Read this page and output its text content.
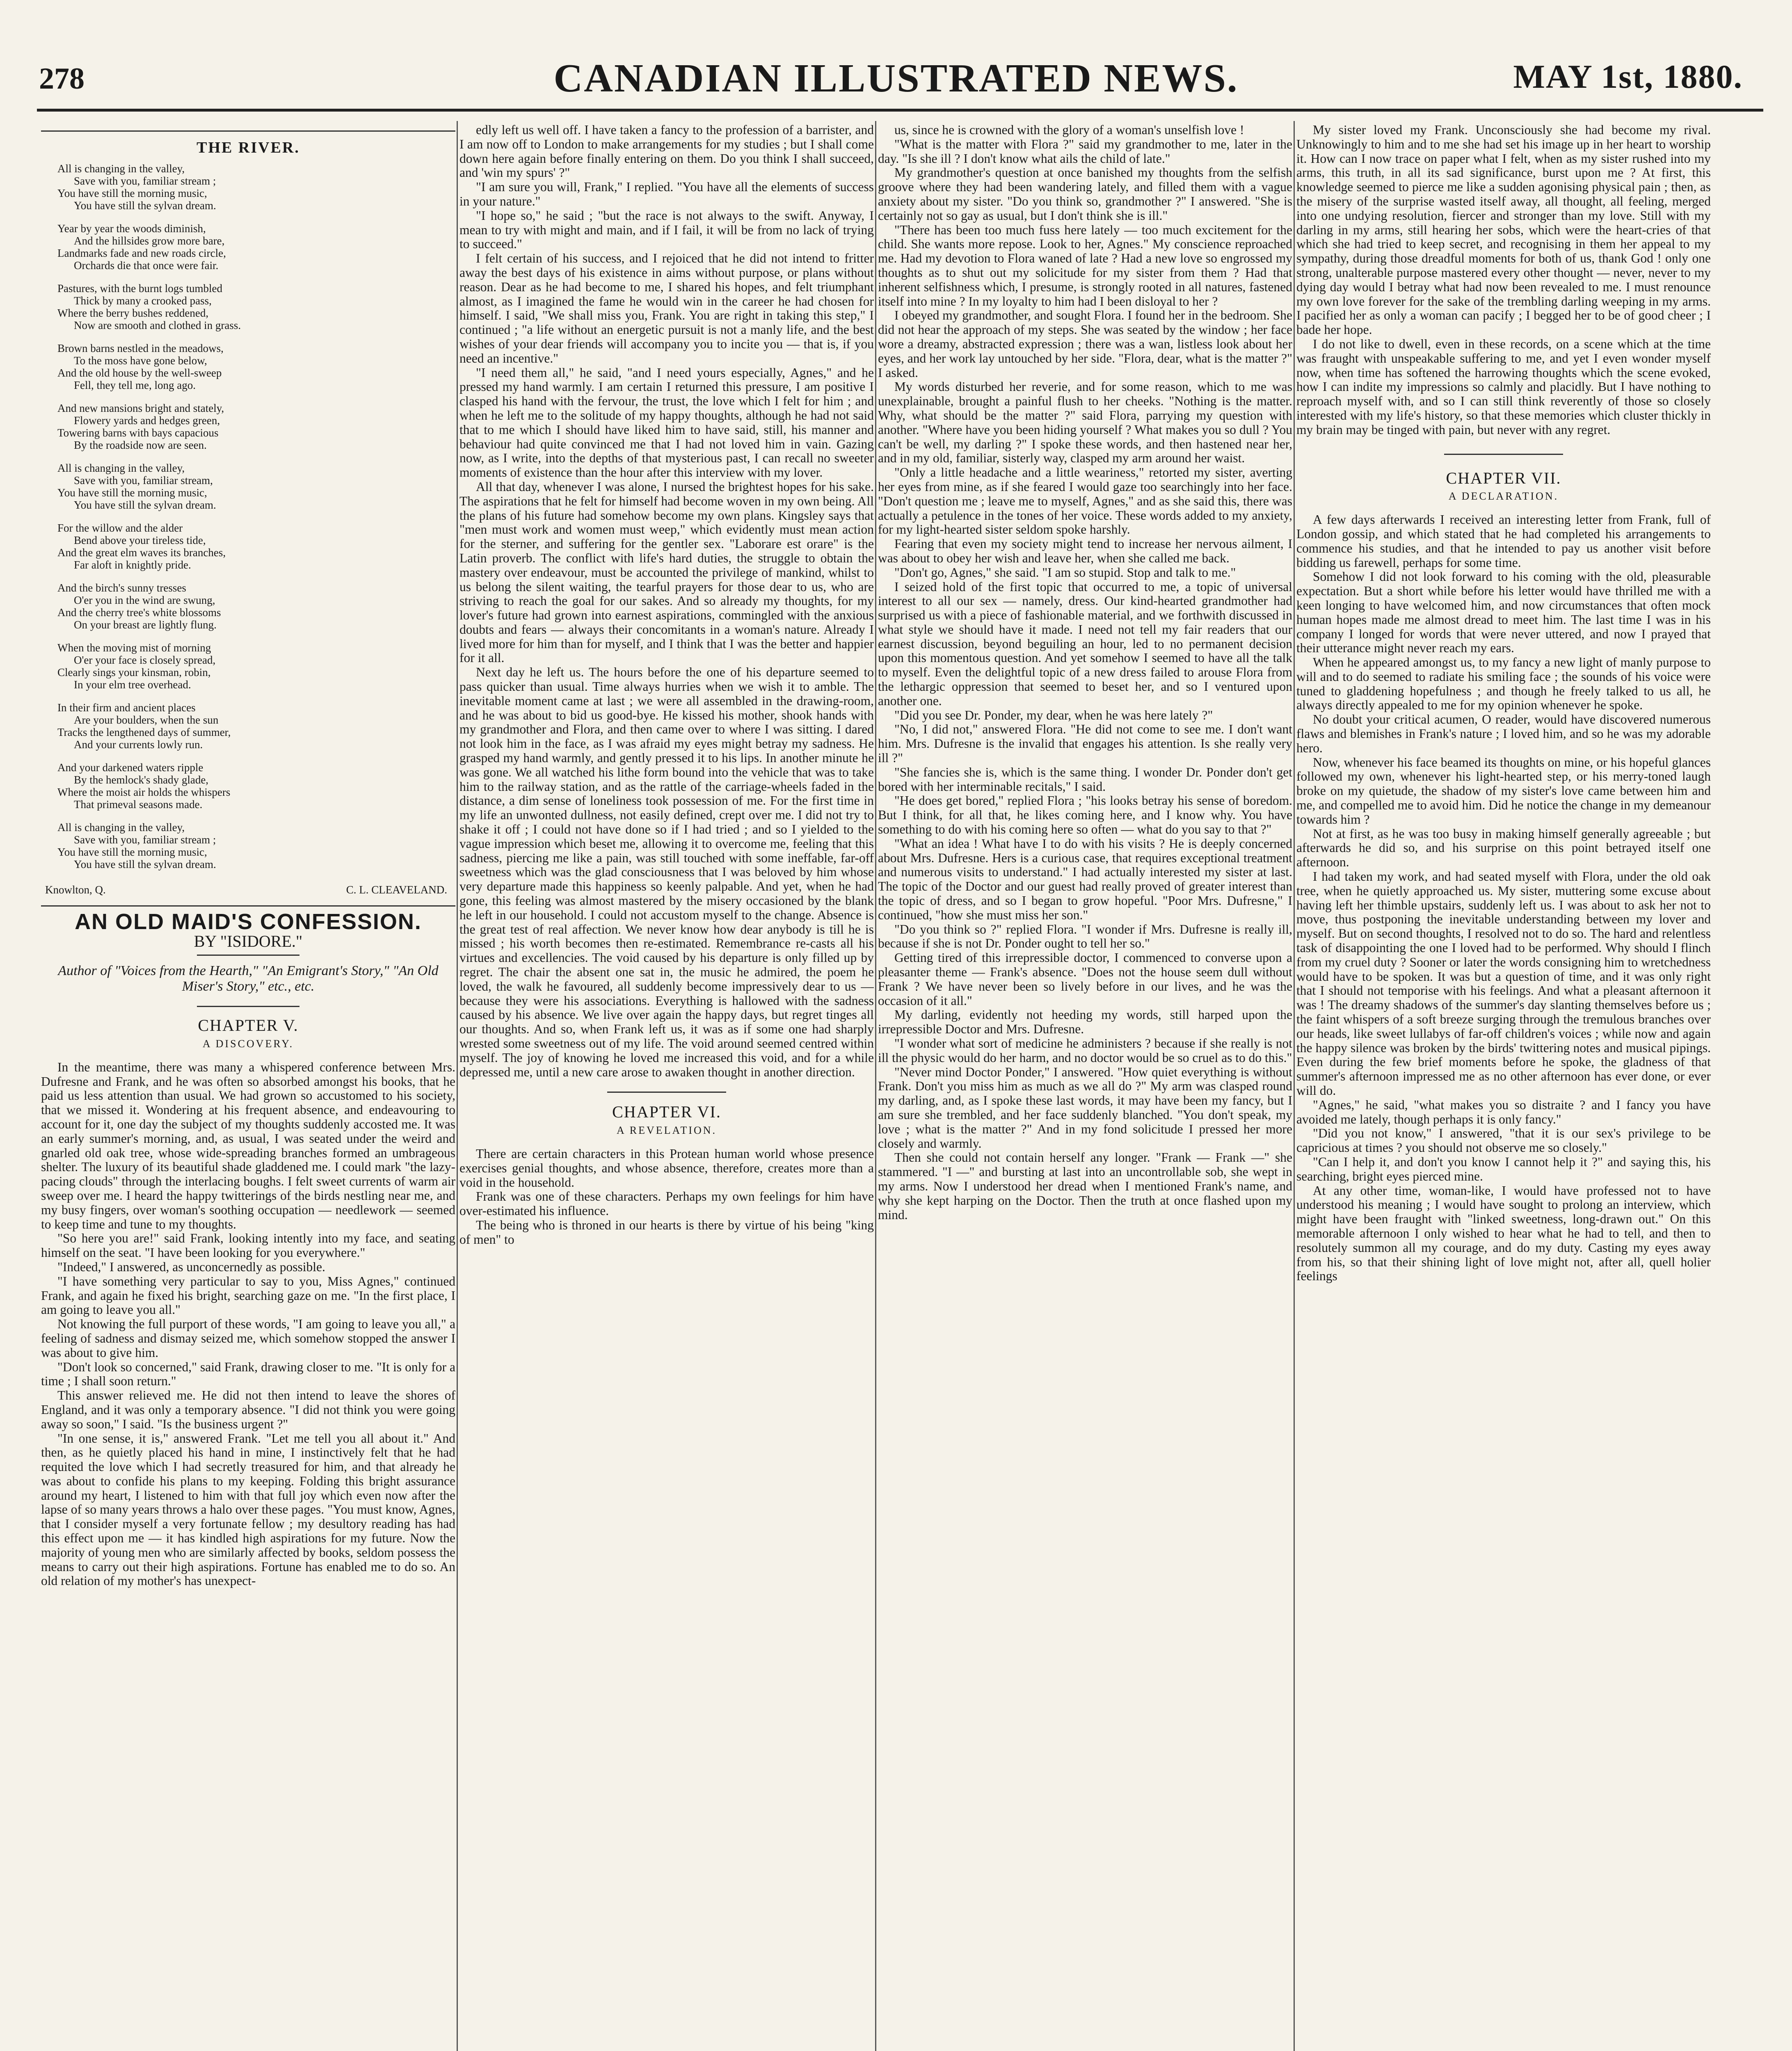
278	CANADIAN ILLUSTRATED NEWS.	MAY 1st, 1880.
THE RIVER.
All is changing in the valley,
Save with you, familiar stream ;
You have still the morning music,
You have still the sylvan dream.
Year by year the woods diminish,
And the hillsides grow more bare,
Landmarks fade and new roads circle,
Orchards die that once were fair.
Pastures, with the burnt logs tumbled
Thick by many a crooked pass,
Where the berry bushes reddened,
Now are smooth and clothed in grass.
Brown barns nestled in the meadows,
To the moss have gone below,
And the old house by the well-sweep
Fell, they tell me, long ago.
And new mansions bright and stately,
Flowery yards and hedges green,
Towering barns with bays capacious
By the roadside now are seen.
All is changing in the valley,
Save with you, familiar stream,
You have still the morning music,
You have still the sylvan dream.
For the willow and the alder
Bend above your tireless tide,
And the great elm waves its branches,
Far aloft in knightly pride.
And the birch's sunny tresses
O'er you in the wind are swung,
And the cherry tree's white blossoms
On your breast are lightly flung.
When the moving mist of morning
O'er your face is closely spread,
Clearly sings your kinsman, robin,
In your elm tree overhead.
In their firm and ancient places
Are your boulders, when the sun
Tracks the lengthened days of summer,
And your currents lowly run.
And your darkened waters ripple
By the hemlock's shady glade,
Where the moist air holds the whispers
That primeval seasons made.
All is changing in the valley,
Save with you, familiar stream ;
You have still the morning music,
You have still the sylvan dream.
Knowlton, Q.	C. L. CLEAVELAND.
AN OLD MAID'S CONFESSION.
BY "ISIDORE."
Author of "Voices from the Hearth," "An Emigrant's Story," "An Old Miser's Story," etc., etc.
CHAPTER V.
A DISCOVERY.

In the meantime, there was many a whispered conference between Mrs. Dufresne and Frank, and he was often so absorbed amongst his books, that he paid us less attention than usual. We had grown so accustomed to his society, that we missed it. Wondering at his frequent absence, and endeavouring to account for it, one day the subject of my thoughts suddenly accosted me. It was an early summer's morning, and, as usual, I was seated under the weird and gnarled old oak tree, whose wide-spreading branches formed an umbrageous shelter. The luxury of its beautiful shade gladdened me. I could mark "the lazy-pacing clouds" through the interlacing boughs. I felt sweet currents of warm air sweep over me. I heard the happy twitterings of the birds nestling near me, and my busy fingers, over woman's soothing occupation — needlework — seemed to keep time and tune to my thoughts.

"So here you are!" said Frank, looking intently into my face, and seating himself on the seat. "I have been looking for you everywhere."

"Indeed," I answered, as unconcernedly as possible.

"I have something very particular to say to you, Miss Agnes," continued Frank, and again he fixed his bright, searching gaze on me. "In the first place, I am going to leave you all."

Not knowing the full purport of these words, "I am going to leave you all," a feeling of sadness and dismay seized me, which somehow stopped the answer I was about to give him.

"Don't look so concerned," said Frank, drawing closer to me. "It is only for a time ; I shall soon return."

This answer relieved me. He did not then intend to leave the shores of England, and it was only a temporary absence. "I did not think you were going away so soon," I said. "Is the business urgent ?"

"In one sense, it is," answered Frank. "Let me tell you all about it." And then, as he quietly placed his hand in mine, I instinctively felt that he had requited the love which I had secretly treasured for him, and that already he was about to confide his plans to my keeping. Folding this bright assurance around my heart, I listened to him with that full joy which even now after the lapse of so many years throws a halo over these pages. "You must know, Agnes, that I consider myself a very fortunate fellow ; my desultory reading has had this effect upon me — it has kindled high aspirations for my future. Now the majority of young men who are similarly affected by books, seldom possess the means to carry out their high aspirations. Fortune has enabled me to do so. An old relation of my mother's has unexpect-

edly left us well off. I have taken a fancy to the profession of a barrister, and I am now off to London to make arrangements for my studies ; but I shall come down here again before finally entering on them. Do you think I shall succeed, and 'win my spurs' ?"

"I am sure you will, Frank," I replied. "You have all the elements of success in your nature."

"I hope so," he said ; "but the race is not always to the swift. Anyway, I mean to try with might and main, and if I fail, it will be from no lack of trying to succeed."

I felt certain of his success, and I rejoiced that he did not intend to fritter away the best days of his existence in aims without purpose, or plans without reason. Dear as he had become to me, I shared his hopes, and felt triumphant almost, as I imagined the fame he would win in the career he had chosen for himself. I said, "We shall miss you, Frank. You are right in taking this step," I continued ; "a life without an energetic pursuit is not a manly life, and the best wishes of your dear friends will accompany you to incite you — that is, if you need an incentive."

"I need them all," he said, "and I need yours especially, Agnes," and he pressed my hand warmly. I am certain I returned this pressure, I am positive I clasped his hand with the fervour, the trust, the love which I felt for him ; and when he left me to the solitude of my happy thoughts, although he had not said that to me which I should have liked him to have said, still, his manner and behaviour had quite convinced me that I had not loved him in vain. Gazing now, as I write, into the depths of that mysterious past, I can recall no sweeter moments of existence than the hour after this interview with my lover.

All that day, whenever I was alone, I nursed the brightest hopes for his sake. The aspirations that he felt for himself had become woven in my own being. All the plans of his future had somehow become my own plans. Kingsley says that "men must work and women must weep," which evidently must mean action for the sterner, and suffering for the gentler sex. "Laborare est orare" is the Latin proverb. The conflict with life's hard duties, the struggle to obtain the mastery over endeavour, must be accounted the privilege of mankind, whilst to us belong the silent waiting, the tearful prayers for those dear to us, who are striving to reach the goal for our sakes. And so already my thoughts, for my lover's future had grown into earnest aspirations, commingled with the anxious doubts and fears — always their concomitants in a woman's nature. Already I lived more for him than for myself, and I think that I was the better and happier for it all.

Next day he left us. The hours before the one of his departure seemed to pass quicker than usual. Time always hurries when we wish it to amble. The inevitable moment came at last ; we were all assembled in the drawing-room, and he was about to bid us good-bye. He kissed his mother, shook hands with my grandmother and Flora, and then came over to where I was sitting. I dared not look him in the face, as I was afraid my eyes might betray my sadness. He grasped my hand warmly, and gently pressed it to his lips. In another minute he was gone. We all watched his lithe form bound into the vehicle that was to take him to the railway station, and as the rattle of the carriage-wheels faded in the distance, a dim sense of loneliness took possession of me. For the first time in my life an unwonted dullness, not easily defined, crept over me. I did not try to shake it off ; I could not have done so if I had tried ; and so I yielded to the vague impression which beset me, allowing it to overcome me, feeling that this sadness, piercing me like a pain, was still touched with some ineffable, far-off sweetness which was the glad consciousness that I was beloved by him whose very departure made this happiness so keenly palpable. And yet, when he had gone, this feeling was almost mastered by the misery occasioned by the blank he left in our household. I could not accustom myself to the change. Absence is the great test of real affection. We never know how dear anybody is till he is missed ; his worth becomes then re-estimated. Remembrance re-casts all his virtues and excellencies. The void caused by his departure is only filled up by regret. The chair the absent one sat in, the music he admired, the poem he loved, the walk he favoured, all suddenly become impressively dear to us — because they were his associations. Everything is hallowed with the sadness caused by his absence. We live over again the happy days, but regret tinges all our thoughts. And so, when Frank left us, it was as if some one had sharply wrested some sweetness out of my life. The void around seemed centred within myself. The joy of knowing he loved me increased this void, and for a while depressed me, until a new care arose to awaken thought in another direction.

CHAPTER VI.
A REVELATION.

There are certain characters in this Protean human world whose presence exercises genial thoughts, and whose absence, therefore, creates more than a void in the household.

Frank was one of these characters. Perhaps my own feelings for him have over-estimated his influence.

The being who is throned in our hearts is there by virtue of his being "king of men" to

us, since he is crowned with the glory of a woman's unselfish love !

"What is the matter with Flora ?" said my grandmother to me, later in the day. "Is she ill ? I don't know what ails the child of late."

My grandmother's question at once banished my thoughts from the selfish groove where they had been wandering lately, and filled them with a vague anxiety about my sister. "Do you think so, grandmother ?" I answered. "She is certainly not so gay as usual, but I don't think she is ill."

"There has been too much fuss here lately — too much excitement for the child. She wants more repose. Look to her, Agnes." My conscience reproached me. Had my devotion to Flora waned of late ? Had a new love so engrossed my thoughts as to shut out my solicitude for my sister from them ? Had that inherent selfishness which, I presume, is strongly rooted in all natures, fastened itself into mine ? In my loyalty to him had I been disloyal to her ?

I obeyed my grandmother, and sought Flora. I found her in the bedroom. She did not hear the approach of my steps. She was seated by the window ; her face wore a dreamy, abstracted expression ; there was a wan, listless look about her eyes, and her work lay untouched by her side. "Flora, dear, what is the matter ?" I asked.

My words disturbed her reverie, and for some reason, which to me was unexplainable, brought a painful flush to her cheeks. "Nothing is the matter. Why, what should be the matter ?" said Flora, parrying my question with another. "Where have you been hiding yourself ? What makes you so dull ? You can't be well, my darling ?" I spoke these words, and then hastened near her, and in my old, familiar, sisterly way, clasped my arm around her waist.

"Only a little headache and a little weariness," retorted my sister, averting her eyes from mine, as if she feared I would gaze too searchingly into her face. "Don't question me ; leave me to myself, Agnes," and as she said this, there was actually a petulence in the tones of her voice. These words added to my anxiety, for my light-hearted sister seldom spoke harshly.

Fearing that even my society might tend to increase her nervous ailment, I was about to obey her wish and leave her, when she called me back.

"Don't go, Agnes," she said. "I am so stupid. Stop and talk to me."

I seized hold of the first topic that occurred to me, a topic of universal interest to all our sex — namely, dress. Our kind-hearted grandmother had surprised us with a piece of fashionable material, and we forthwith discussed in what style we should have it made. I need not tell my fair readers that our earnest discussion, beyond beguiling an hour, led to no permanent decision upon this momentous question. And yet somehow I seemed to have all the talk to myself. Even the delightful topic of a new dress failed to arouse Flora from the lethargic oppression that seemed to beset her, and so I ventured upon another one.

"Did you see Dr. Ponder, my dear, when he was here lately ?"

"No, I did not," answered Flora. "He did not come to see me. I don't want him. Mrs. Dufresne is the invalid that engages his attention. Is she really very ill ?"

"She fancies she is, which is the same thing. I wonder Dr. Ponder don't get bored with her interminable recitals," I said.

"He does get bored," replied Flora ; "his looks betray his sense of boredom. But I think, for all that, he likes coming here, and I know why. You have something to do with his coming here so often — what do you say to that ?"

"What an idea ! What have I to do with his visits ? He is deeply concerned about Mrs. Dufresne. Hers is a curious case, that requires exceptional treatment and numerous visits to understand." I had actually interested my sister at last. The topic of the Doctor and our guest had really proved of greater interest than the topic of dress, and so I began to grow hopeful. "Poor Mrs. Dufresne," I continued, "how she must miss her son."

"Do you think so ?" replied Flora. "I wonder if Mrs. Dufresne is really ill, because if she is not Dr. Ponder ought to tell her so."

Getting tired of this irrepressible doctor, I commenced to converse upon a pleasanter theme — Frank's absence. "Does not the house seem dull without Frank ? We have never been so lively before in our lives, and he was the occasion of it all."

My darling, evidently not heeding my words, still harped upon the irrepressible Doctor and Mrs. Dufresne.

"I wonder what sort of medicine he administers ? because if she really is not ill the physic would do her harm, and no doctor would be so cruel as to do this."

"Never mind Doctor Ponder," I answered. "How quiet everything is without Frank. Don't you miss him as much as we all do ?" My arm was clasped round my darling, and, as I spoke these last words, it may have been my fancy, but I am sure she trembled, and her face suddenly blanched. "You don't speak, my love ; what is the matter ?" And in my fond solicitude I pressed her more closely and warmly.

Then she could not contain herself any longer. "Frank — Frank —" she stammered. "I —" and bursting at last into an uncontrollable sob, she wept in my arms. Now I understood her dread when I mentioned Frank's name, and why she kept harping on the Doctor. Then the truth at once flashed upon my mind.

My sister loved my Frank. Unconsciously she had become my rival. Unknowingly to him and to me she had set his image up in her heart to worship it. How can I now trace on paper what I felt, when as my sister rushed into my arms, this truth, in all its sad significance, burst upon me ? At first, this knowledge seemed to pierce me like a sudden agonising physical pain ; then, as the misery of the surprise wasted itself away, all thought, all feeling, merged into one undying resolution, fiercer and stronger than my love. Still with my darling in my arms, still hearing her sobs, which were the heart-cries of that which she had tried to keep secret, and recognising in them her appeal to my sympathy, during those dreadful moments for both of us, thank God ! only one strong, unalterable purpose mastered every other thought — never, never to my dying day would I betray what had now been revealed to me. I must renounce my own love forever for the sake of the trembling darling weeping in my arms. I pacified her as only a woman can pacify ; I begged her to be of good cheer ; I bade her hope.

I do not like to dwell, even in these records, on a scene which at the time was fraught with unspeakable suffering to me, and yet I even wonder myself now, when time has softened the harrowing thoughts which the scene evoked, how I can indite my impressions so calmly and placidly. But I have nothing to reproach myself with, and so I can still think reverently of those so closely interested with my life's history, so that these memories which cluster thickly in my brain may be tinged with pain, but never with any regret.

CHAPTER VII.
A DECLARATION.

A few days afterwards I received an interesting letter from Frank, full of London gossip, and which stated that he had completed his arrangements to commence his studies, and that he intended to pay us another visit before bidding us farewell, perhaps for some time.

Somehow I did not look forward to his coming with the old, pleasurable expectation. But a short while before his letter would have thrilled me with a keen longing to have welcomed him, and now circumstances that often mock human hopes made me almost dread to meet him. The last time I was in his company I longed for words that were never uttered, and now I prayed that their utterance might never reach my ears.

When he appeared amongst us, to my fancy a new light of manly purpose to will and to do seemed to radiate his smiling face ; the sounds of his voice were tuned to gladdening hopefulness ; and though he freely talked to us all, he always directly appealed to me for my opinion whenever he spoke.

No doubt your critical acumen, O reader, would have discovered numerous flaws and blemishes in Frank's nature ; I loved him, and so he was my adorable hero.

Now, whenever his face beamed its thoughts on mine, or his hopeful glances followed my own, whenever his light-hearted step, or his merry-toned laugh broke on my quietude, the shadow of my sister's love came between him and me, and compelled me to avoid him. Did he notice the change in my demeanour towards him ?

Not at first, as he was too busy in making himself generally agreeable ; but afterwards he did so, and his surprise on this point betrayed itself one afternoon.

I had taken my work, and had seated myself with Flora, under the old oak tree, when he quietly approached us. My sister, muttering some excuse about having left her thimble upstairs, suddenly left us. I was about to ask her not to move, thus postponing the inevitable understanding between my lover and myself. But on second thoughts, I resolved not to do so. The hard and relentless task of disappointing the one I loved had to be performed. Why should I flinch from my cruel duty ? Sooner or later the words consigning him to wretchedness would have to be spoken. It was but a question of time, and it was only right that I should not temporise with his feelings. And what a pleasant afternoon it was ! The dreamy shadows of the summer's day slanting themselves before us ; the faint whispers of a soft breeze surging through the tremulous branches over our heads, like sweet lullabys of far-off children's voices ; while now and again the happy silence was broken by the birds' twittering notes and musical pipings. Even during the few brief moments before he spoke, the gladness of that summer's afternoon impressed me as no other afternoon has ever done, or ever will do.

"Agnes," he said, "what makes you so distraite ? and I fancy you have avoided me lately, though perhaps it is only fancy."

"Did you not know," I answered, "that it is our sex's privilege to be capricious at times ? you should not observe me so closely."

"Can I help it, and don't you know I cannot help it ?" and saying this, his searching, bright eyes pierced mine.

At any other time, woman-like, I would have professed not to have understood his meaning ; I would have sought to prolong an interview, which might have been fraught with "linked sweetness, long-drawn out." On this memorable afternoon I only wished to hear what he had to tell, and then to resolutely summon all my courage, and do my duty. Casting my eyes away from his, so that their shining light of love might not, after all, quell holier feelings
